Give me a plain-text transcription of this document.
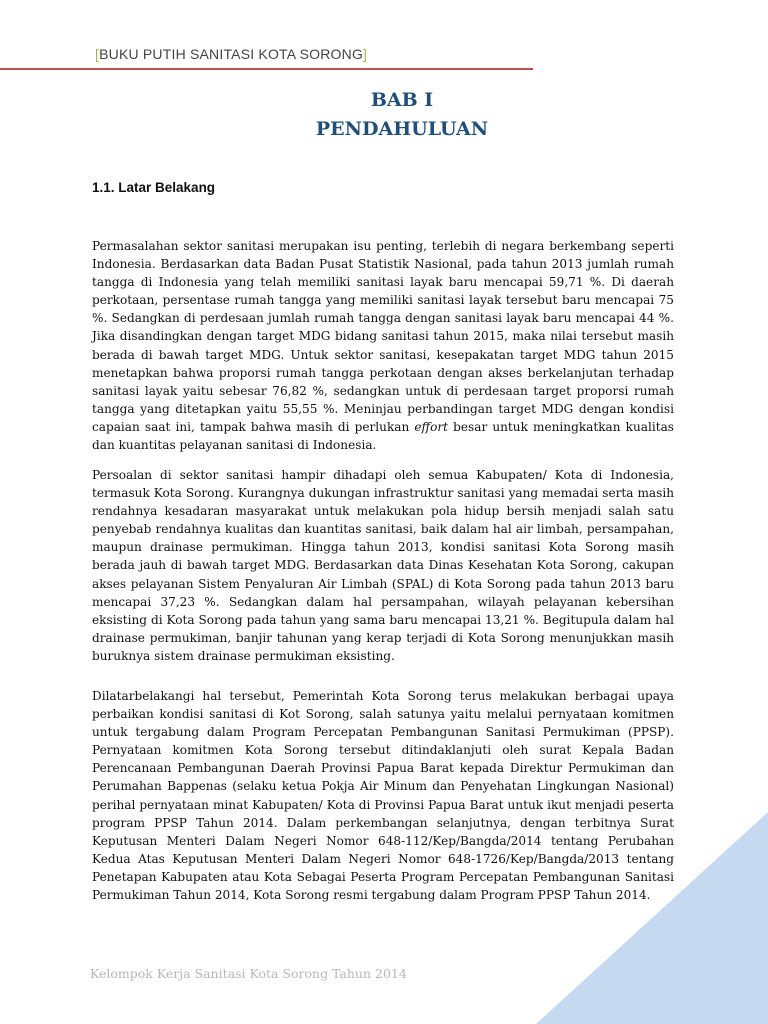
[BUKU PUTIH SANITASI KOTA SORONG]
BAB I
PENDAHULUAN
1.1. Latar Belakang
Permasalahan sektor sanitasi merupakan isu penting, terlebih di negara berkembang seperti Indonesia. Berdasarkan data Badan Pusat Statistik Nasional, pada tahun 2013 jumlah rumah tangga di Indonesia yang telah memiliki sanitasi layak baru mencapai 59,71 %. Di daerah perkotaan, persentase rumah tangga yang memiliki sanitasi layak tersebut baru mencapai 75 %. Sedangkan di perdesaan jumlah rumah tangga dengan sanitasi layak baru mencapai 44 %. Jika disandingkan dengan target MDG bidang sanitasi tahun 2015, maka nilai tersebut masih berada di bawah target MDG. Untuk sektor sanitasi, kesepakatan target MDG tahun 2015 menetapkan bahwa proporsi rumah tangga perkotaan dengan akses berkelanjutan terhadap sanitasi layak yaitu sebesar 76,82 %, sedangkan untuk di perdesaan target proporsi rumah tangga yang ditetapkan yaitu 55,55 %. Meninjau perbandingan target MDG dengan kondisi capaian saat ini, tampak bahwa masih di perlukan effort besar untuk meningkatkan kualitas dan kuantitas pelayanan sanitasi di Indonesia.
Persoalan di sektor sanitasi hampir dihadapi oleh semua Kabupaten/ Kota di Indonesia, termasuk Kota Sorong. Kurangnya dukungan infrastruktur sanitasi yang memadai serta masih rendahnya kesadaran masyarakat untuk melakukan pola hidup bersih menjadi salah satu penyebab rendahnya kualitas dan kuantitas sanitasi, baik dalam hal air limbah, persampahan, maupun drainase permukiman. Hingga tahun 2013, kondisi sanitasi Kota Sorong masih berada jauh di bawah target MDG. Berdasarkan data Dinas Kesehatan Kota Sorong, cakupan akses pelayanan Sistem Penyaluran Air Limbah (SPAL) di Kota Sorong pada tahun 2013 baru mencapai 37,23 %. Sedangkan dalam hal persampahan, wilayah pelayanan kebersihan eksisting di Kota Sorong pada tahun yang sama baru mencapai 13,21 %. Begitupula dalam hal drainase permukiman, banjir tahunan yang kerap terjadi di Kota Sorong menunjukkan masih buruknya sistem drainase permukiman eksisting.
Dilatarbelakangi hal tersebut, Pemerintah Kota Sorong terus melakukan berbagai upaya perbaikan kondisi sanitasi di Kot Sorong, salah satunya yaitu melalui pernyataan komitmen untuk tergabung dalam Program Percepatan Pembangunan Sanitasi Permukiman (PPSP). Pernyataan komitmen Kota Sorong tersebut ditindaklanjuti oleh surat Kepala Badan Perencanaan Pembangunan Daerah Provinsi Papua Barat kepada Direktur Permukiman dan Perumahan Bappenas (selaku ketua Pokja Air Minum dan Penyehatan Lingkungan Nasional) perihal pernyataan minat Kabupaten/ Kota di Provinsi Papua Barat untuk ikut menjadi peserta program PPSP Tahun 2014. Dalam perkembangan selanjutnya, dengan terbitnya Surat Keputusan Menteri Dalam Negeri Nomor 648-112/Kep/Bangda/2014 tentang Perubahan Kedua Atas Keputusan Menteri Dalam Negeri Nomor 648-1726/Kep/Bangda/2013 tentang Penetapan Kabupaten atau Kota Sebagai Peserta Program Percepatan Pembangunan Sanitasi Permukiman Tahun 2014, Kota Sorong resmi tergabung dalam Program PPSP Tahun 2014.
Kelompok Kerja Sanitasi Kota Sorong Tahun 2014
